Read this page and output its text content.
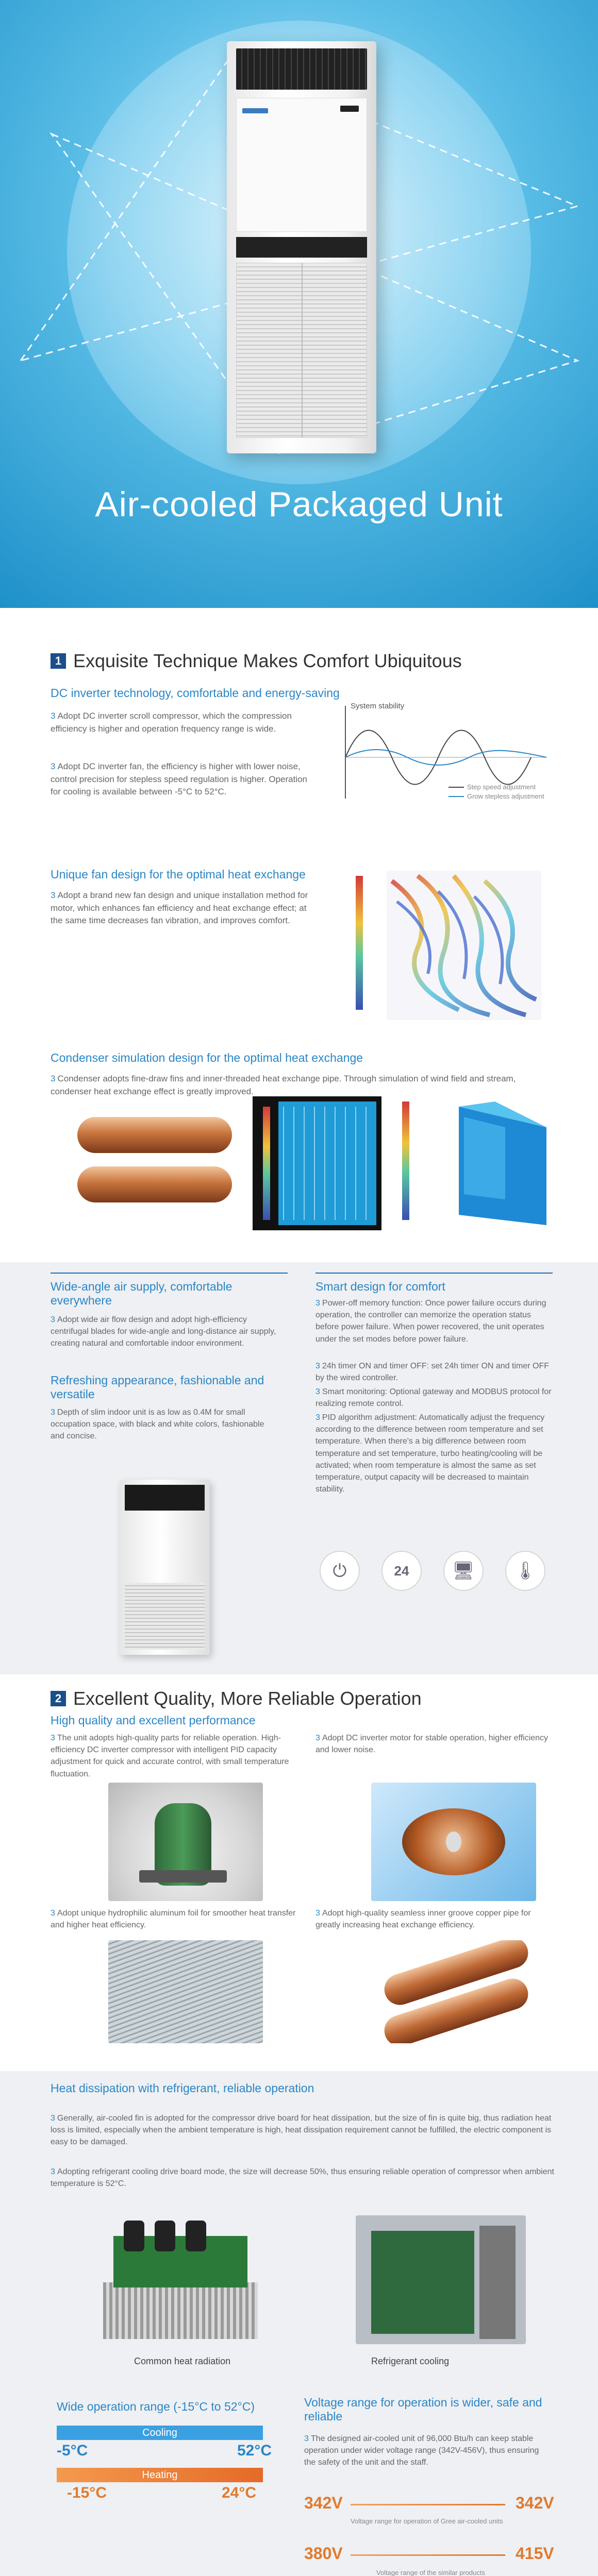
Air-cooled Packaged Unit
1 Exquisite Technique Makes Comfort Ubiquitous
DC inverter technology, comfortable and energy-saving
3 Adopt DC inverter scroll compressor, which the compression efficiency is higher and operation frequency range is wide.
3 Adopt DC inverter fan, the efficiency is higher with lower noise, control precision for stepless speed regulation is higher. Operation for cooling is available between -5°C to 52°C.
System stability
Step speed adjustment
Grow stepless adjustment
Unique fan design for the optimal heat exchange
3 Adopt a brand new fan design and unique installation method for motor, which enhances fan efficiency and heat exchange effect; at the same time decreases fan vibration, and improves comfort.
Condenser simulation design for the optimal heat exchange
3 Condenser adopts fine-draw fins and inner-threaded heat exchange pipe. Through simulation of wind field and stream, condenser heat exchange effect is greatly improved.
Wide-angle air supply, comfortable everywhere
3 Adopt wide air flow design and adopt high-efficiency centrifugal blades for wide-angle and long-distance air supply, creating natural and comfortable indoor environment.
Refreshing appearance, fashionable and versatile
3 Depth of slim indoor unit is as low as 0.4M for small occupation space, with black and white colors, fashionable and concise.
Smart design for comfort
3 Power-off memory function: Once power failure occurs during operation, the controller can memorize the operation status before power failure. When power recovered, the unit operates under the set modes before power failure.
3 24h timer ON and timer OFF: set 24h timer ON and timer OFF by the wired controller.
3 Smart monitoring: Optional gateway and MODBUS protocol for realizing remote control.
3 PID algorithm adjustment: Automatically adjust the frequency according to the difference between room temperature and set temperature. When there's a big difference between room temperature and set temperature, turbo heating/cooling will be activated; when room temperature is almost the same as set temperature, output capacity will be decreased to maintain stability.
⏻	24	🖥	🌡
2 Excellent Quality, More Reliable Operation
High quality and excellent performance
3 The unit adopts high-quality parts for reliable operation. High-efficiency DC inverter compressor with intelligent PID capacity adjustment for quick and accurate control, with small temperature fluctuation.
3 Adopt DC inverter motor for stable operation, higher efficiency and lower noise.
3 Adopt unique hydrophilic aluminum foil for smoother heat transfer and higher heat efficiency.
3 Adopt high-quality seamless inner groove copper pipe for greatly increasing heat exchange efficiency.
Heat dissipation with refrigerant, reliable operation
3 Generally, air-cooled fin is adopted for the compressor drive board for heat dissipation, but the size of fin is quite big, thus radiation heat loss is limited, especially when the ambient temperature is high, heat dissipation requirement cannot be fulfilled, the electric component is easy to be damaged.
3 Adopting refrigerant cooling drive board mode, the size will decrease 50%, thus ensuring reliable operation of compressor when ambient temperature is 52°C.
Common heat radiation	Refrigerant cooling
Wide operation range (-15°C to 52°C)
Cooling
-5°C	52°C
Heating
-15°C	24°C
Voltage range for operation is wider, safe and reliable
3 The designed air-cooled unit of 96,000 Btu/h can keep stable operation under wider voltage range (342V-456V), thus ensuring the safety of the unit and the staff.
342V	342V
Voltage range for operation of Gree air-cooled units
380V	415V
Voltage range of the similar products
